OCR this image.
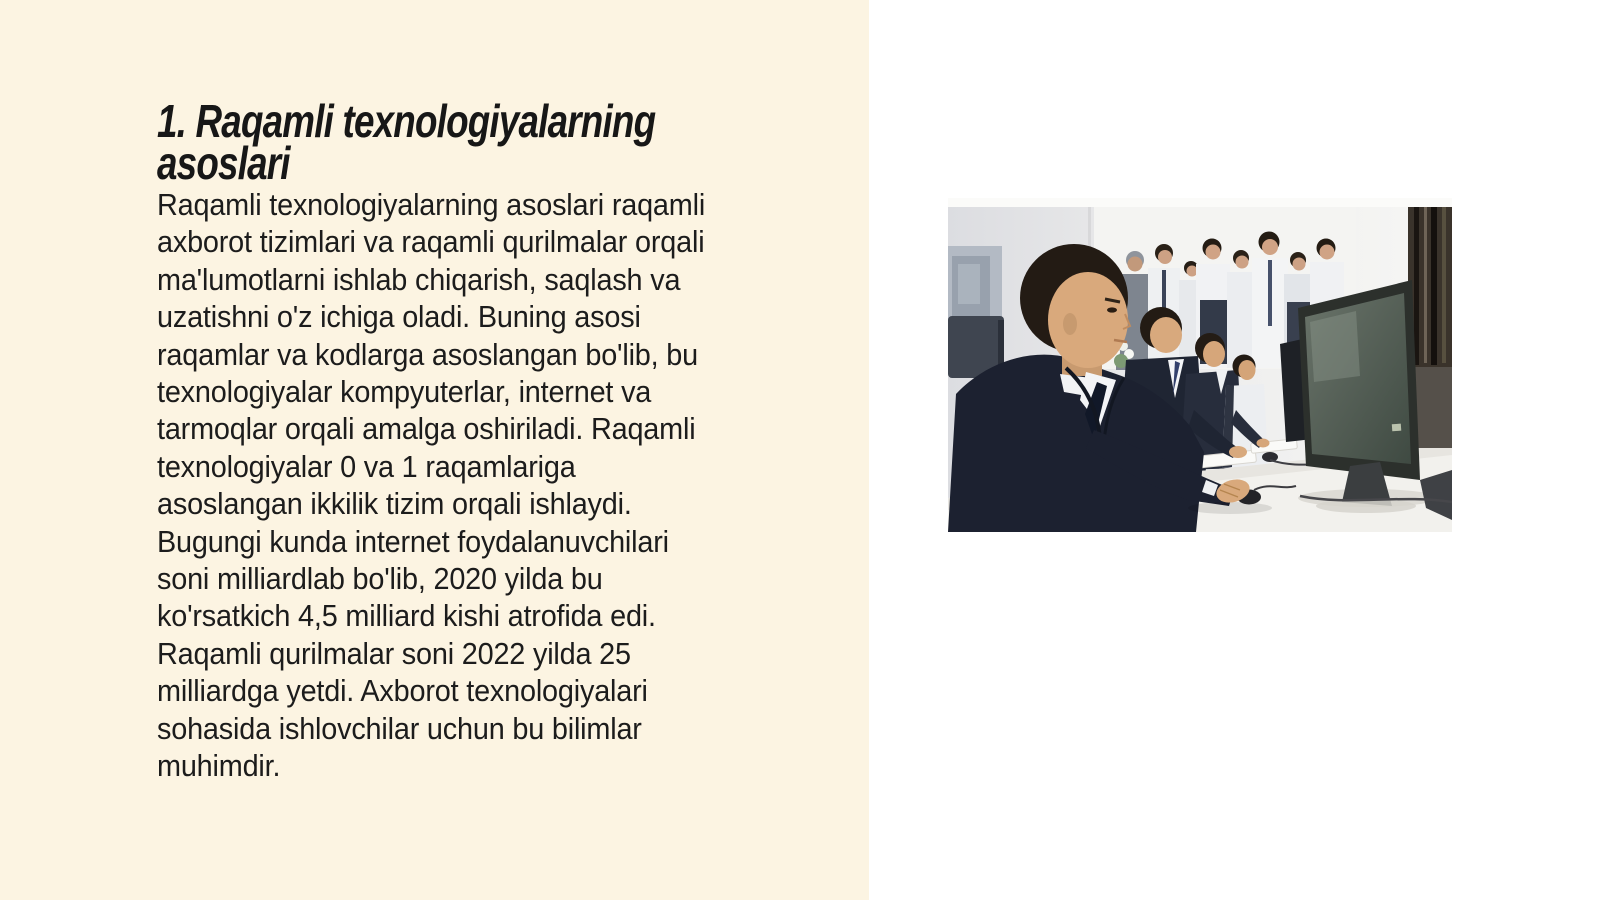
1. Raqamli texnologiyalarning
asoslari
Raqamli texnologiyalarning asoslari raqamli
axborot tizimlari va raqamli qurilmalar orqali
ma'lumotlarni ishlab chiqarish, saqlash va
uzatishni o'z ichiga oladi. Buning asosi
raqamlar va kodlarga asoslangan bo'lib, bu
texnologiyalar kompyuterlar, internet va
tarmoqlar orqali amalga oshiriladi. Raqamli
texnologiyalar 0 va 1 raqamlariga
asoslangan ikkilik tizim orqali ishlaydi.
Bugungi kunda internet foydalanuvchilari
soni milliardlab bo'lib, 2020 yilda bu
ko'rsatkich 4,5 milliard kishi atrofida edi.
Raqamli qurilmalar soni 2022 yilda 25
milliardga yetdi. Axborot texnologiyalari
sohasida ishlovchilar uchun bu bilimlar
muhimdir.
